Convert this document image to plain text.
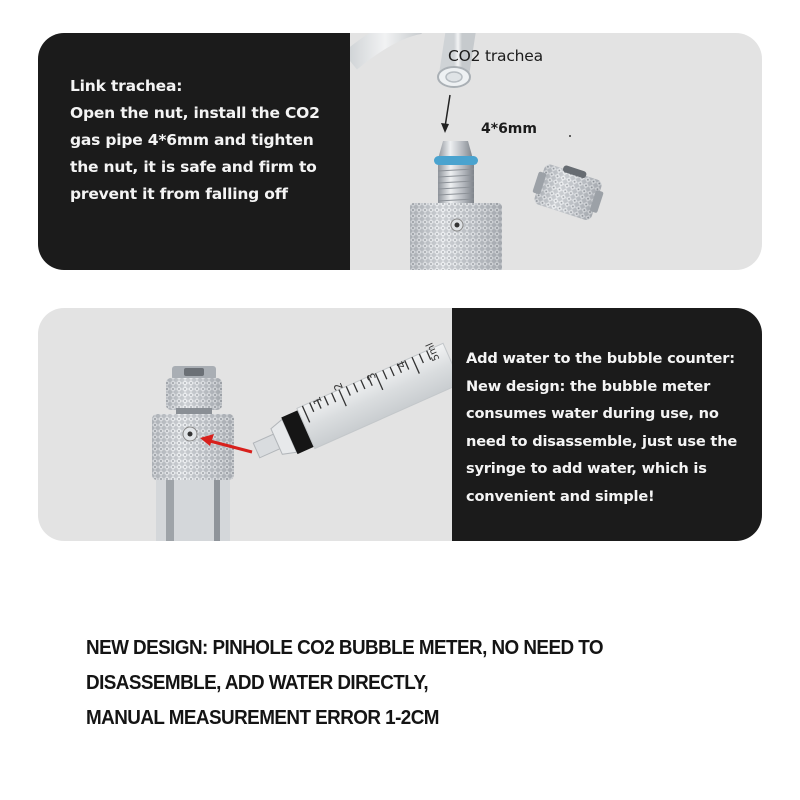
Link trachea:
Open the nut, install the CO2
gas pipe 4*6mm and tighten
the nut, it is safe and firm to
prevent it from falling off
CO2 trachea
4*6mm
1
2
3
4
5ml Add water to the bubble counter:
New design: the bubble meter
consumes water during use, no
need to disassemble, just use the
syringe to add water, which is
convenient and simple!
NEW DESIGN: PINHOLE CO2 BUBBLE METER, NO NEED TO
DISASSEMBLE, ADD WATER DIRECTLY,
MANUAL MEASUREMENT ERROR 1-2CM
